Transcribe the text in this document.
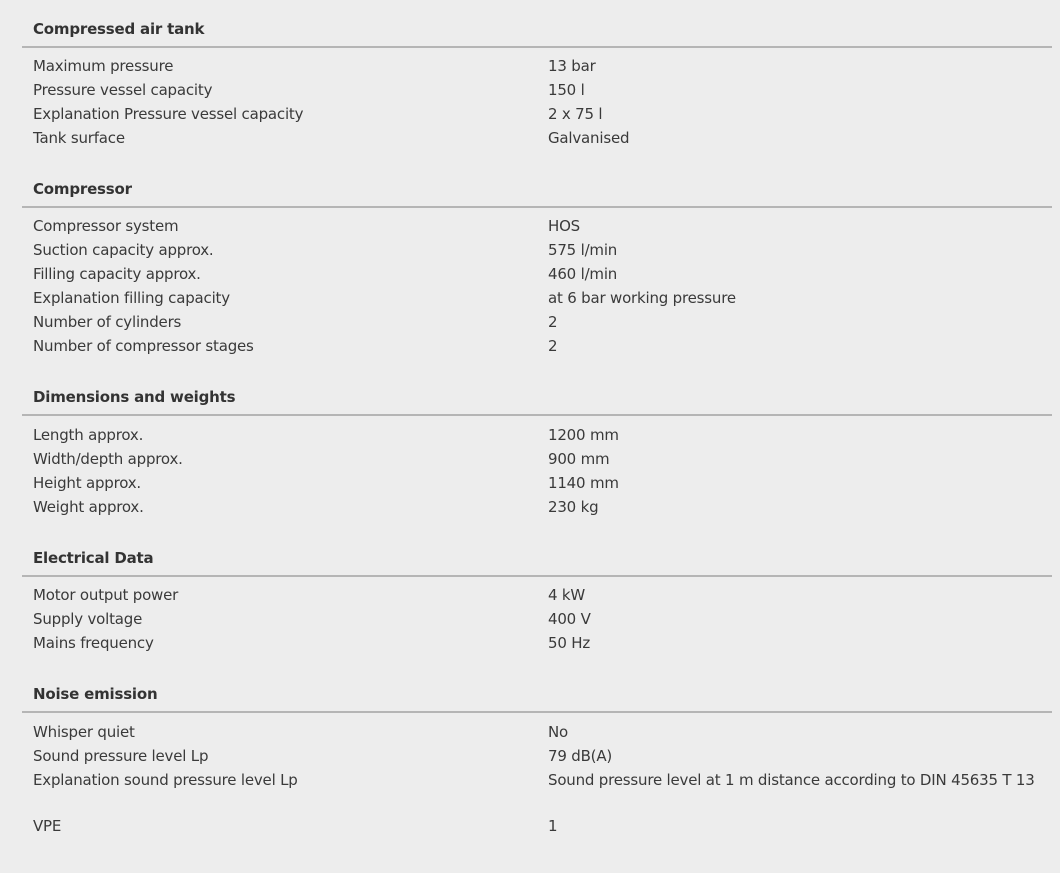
Compressed air tank
Maximum pressure	13 bar
Pressure vessel capacity	150 l
Explanation Pressure vessel capacity	2 x 75 l
Tank surface	Galvanised
Compressor
Compressor system	HOS
Suction capacity approx.	575 l/min
Filling capacity approx.	460 l/min
Explanation filling capacity	at 6 bar working pressure
Number of cylinders	2
Number of compressor stages	2
Dimensions and weights
Length approx.	1200 mm
Width/depth approx.	900 mm
Height approx.	1140 mm
Weight approx.	230 kg
Electrical Data
Motor output power	4 kW
Supply voltage	400 V
Mains frequency	50 Hz
Noise emission
Whisper quiet	No
Sound pressure level Lp	79 dB(A)
Explanation sound pressure level Lp	Sound pressure level at 1 m distance according to DIN 45635 T 13
VPE	1
